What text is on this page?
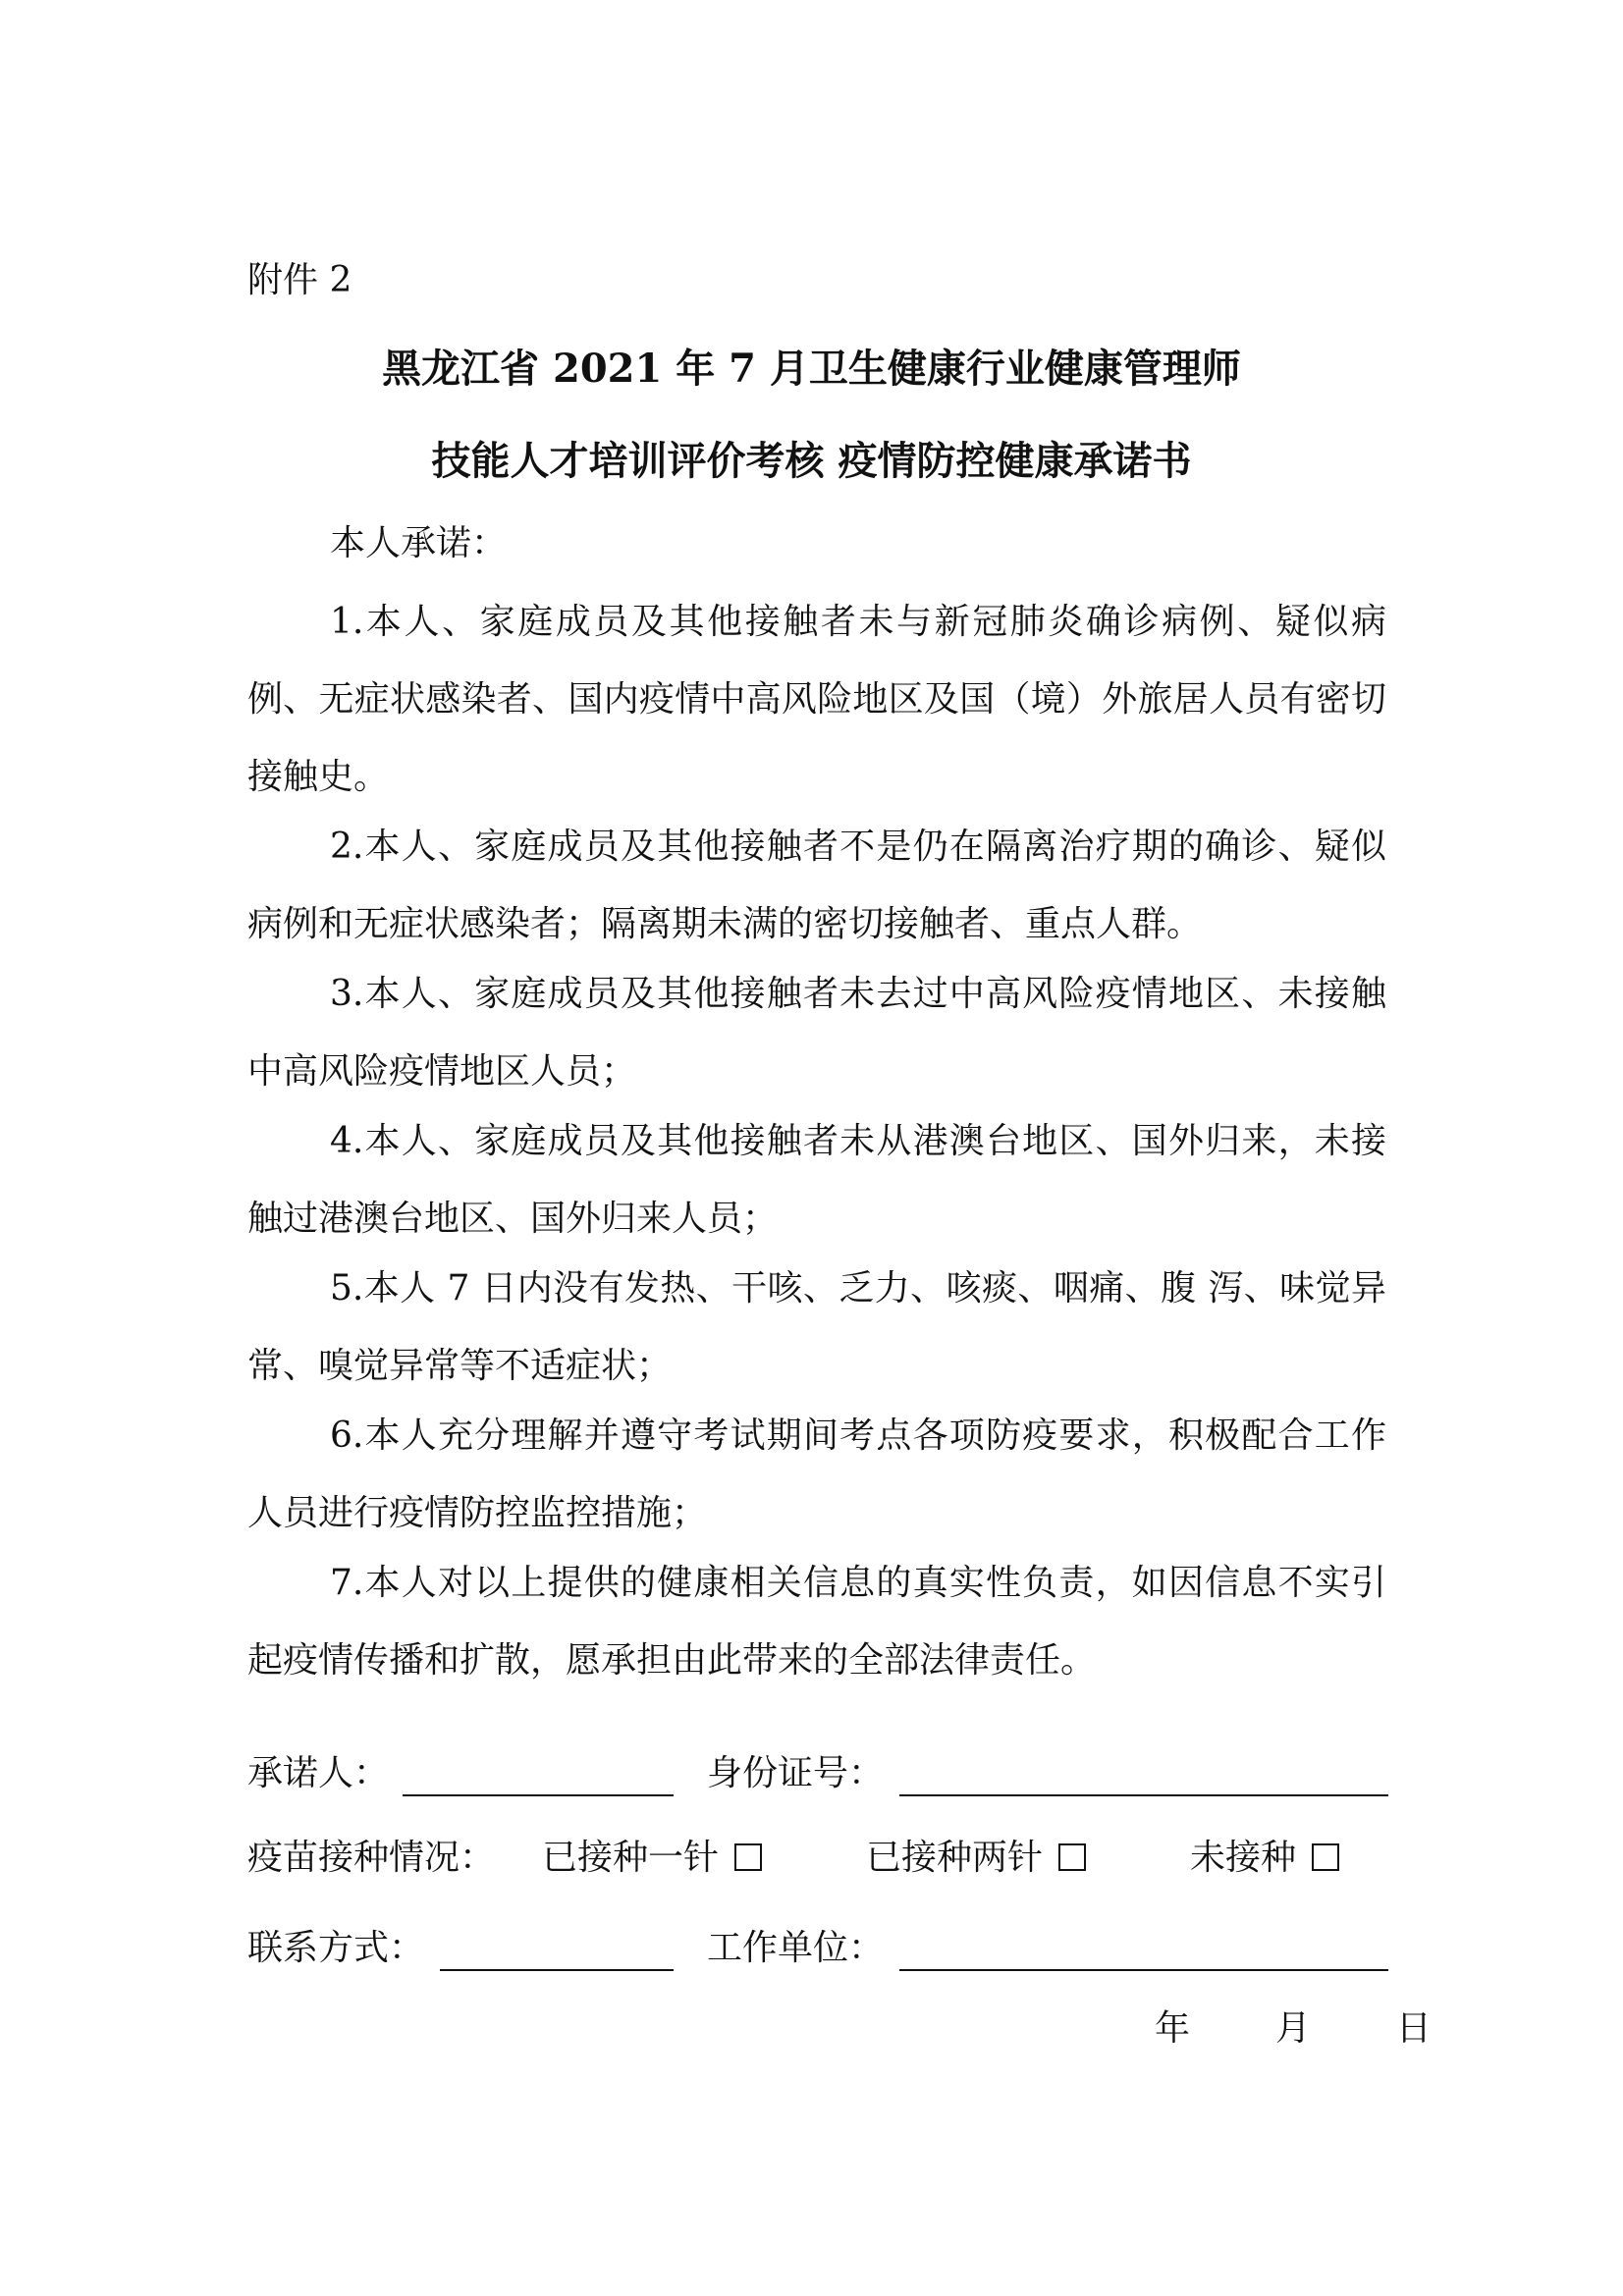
附件 2
黑龙江省 2021 年 7 月卫生健康行业健康管理师
技能人才培训评价考核 疫情防控健康承诺书
本人承诺：
1.本人、家庭成员及其他接触者未与新冠肺炎确诊病例、疑似病例、无症状感染者、国内疫情中高风险地区及国（境）外旅居人员有密切接触史。
2.本人、家庭成员及其他接触者不是仍在隔离治疗期的确诊、疑似病例和无症状感染者；隔离期未满的密切接触者、重点人群。
3.本人、家庭成员及其他接触者未去过中高风险疫情地区、未接触中高风险疫情地区人员；
4.本人、家庭成员及其他接触者未从港澳台地区、国外归来，未接触过港澳台地区、国外归来人员；
5.本人 7 日内没有发热、干咳、乏力、咳痰、咽痛、腹 泻、味觉异常、嗅觉异常等不适症状；
6.本人充分理解并遵守考试期间考点各项防疫要求，积极配合工作人员进行疫情防控监控措施；
7.本人对以上提供的健康相关信息的真实性负责，如因信息不实引起疫情传播和扩散，愿承担由此带来的全部法律责任。
承诺人：	身份证号：
疫苗接种情况： 已接种一针	已接种两针	未接种
联系方式：	工作单位：
年 月 日
